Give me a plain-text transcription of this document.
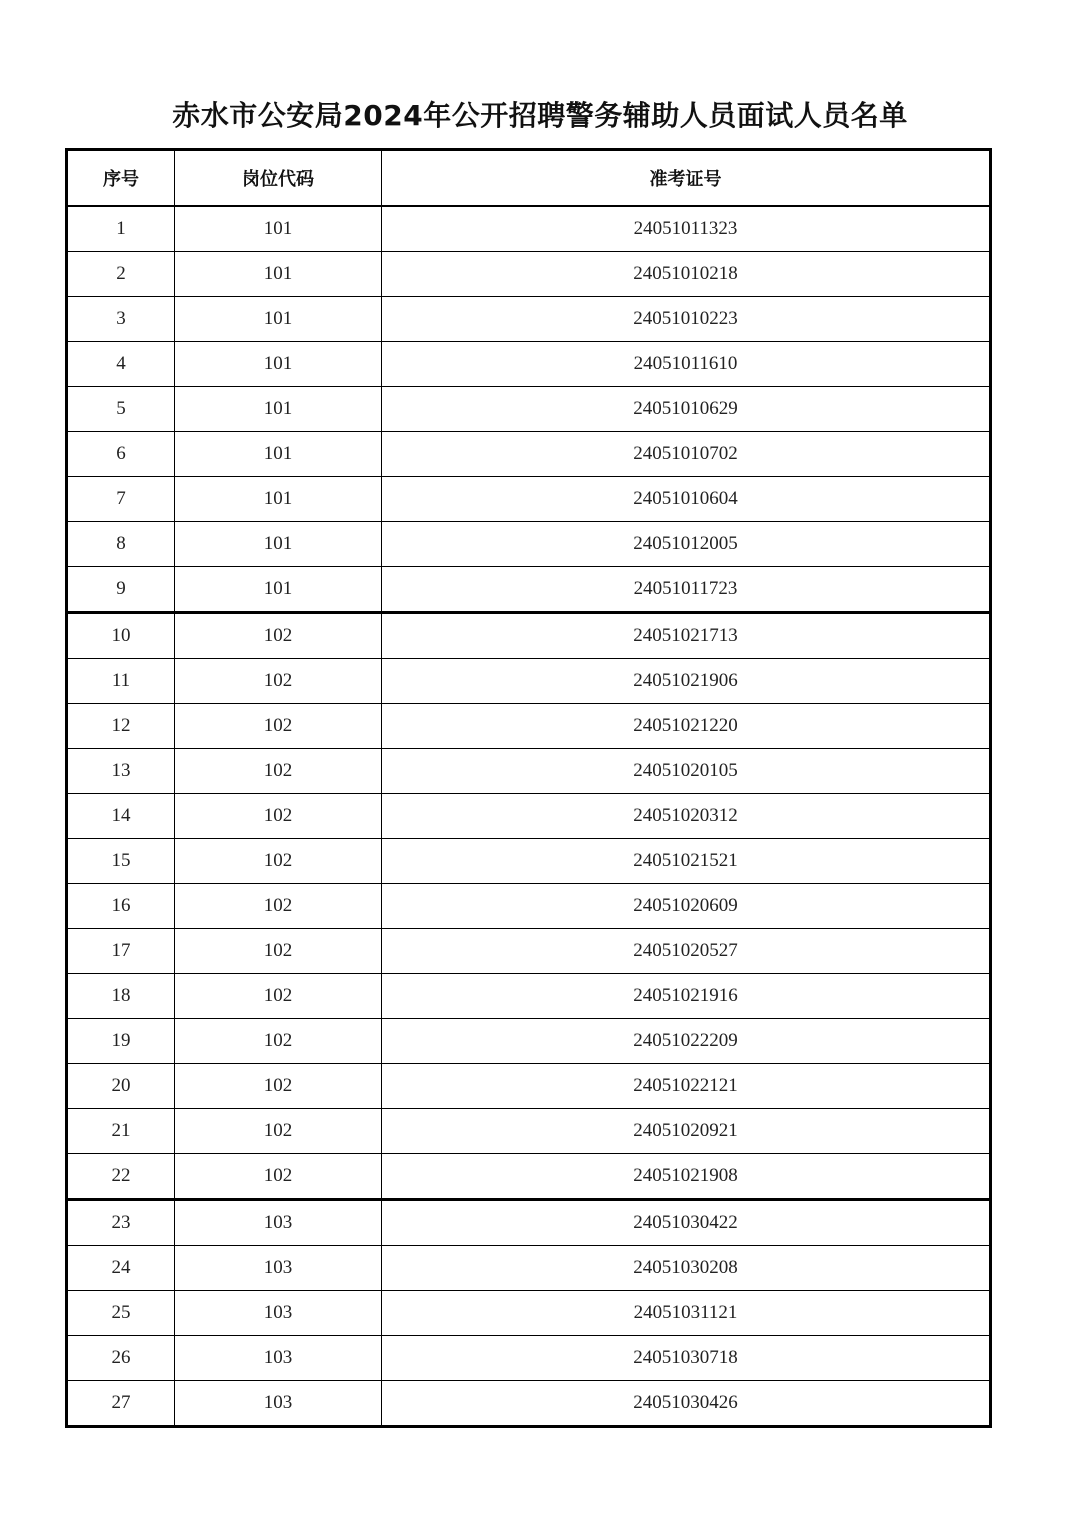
赤水市公安局2024年公开招聘警务辅助人员面试人员名单
序号	岗位代码	准考证号
1	101	24051011323
2	101	24051010218
3	101	24051010223
4	101	24051011610
5	101	24051010629
6	101	24051010702
7	101	24051010604
8	101	24051012005
9	101	24051011723
10	102	24051021713
11	102	24051021906
12	102	24051021220
13	102	24051020105
14	102	24051020312
15	102	24051021521
16	102	24051020609
17	102	24051020527
18	102	24051021916
19	102	24051022209
20	102	24051022121
21	102	24051020921
22	102	24051021908
23	103	24051030422
24	103	24051030208
25	103	24051031121
26	103	24051030718
27	103	24051030426
